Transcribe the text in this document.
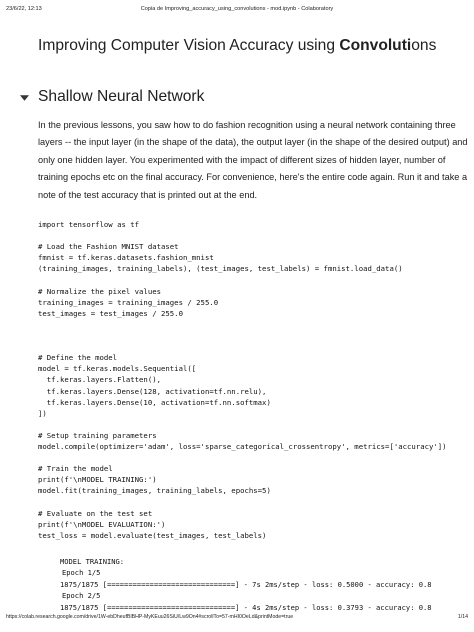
23/6/22, 12:13	Copia de Improving_accuracy_using_convolutions - mod.ipynb - Colaboratory
Improving Computer Vision Accuracy using Convolutions
Shallow Neural Network

In the previous lessons, you saw how to do fashion recognition using a neural network containing three layers -- the input layer (in the shape of the data), the output layer (in the shape of the desired output) and only one hidden layer. You experimented with the impact of different sizes of hidden layer, number of training epochs etc on the final accuracy. For convenience, here's the entire code again. Run it and take a note of the test accuracy that is printed out at the end.

import tensorflow as tf
# Load the Fashion MNIST dataset
fmnist = tf.keras.datasets.fashion_mnist
(training_images, training_labels), (test_images, test_labels) = fmnist.load_data()
# Normalize the pixel values
training_images = training_images / 255.0
test_images = test_images / 255.0
# Define the model
model = tf.keras.models.Sequential([
tf.keras.layers.Flatten(),
tf.keras.layers.Dense(128, activation=tf.nn.relu),
tf.keras.layers.Dense(10, activation=tf.nn.softmax)
])
# Setup training parameters
model.compile(optimizer='adam', loss='sparse_categorical_crossentropy', metrics=['accuracy'])
# Train the model
print(f'\nMODEL TRAINING:')
model.fit(training_images, training_labels, epochs=5)
# Evaluate on the test set
print(f'\nMODEL EVALUATION:')
test_loss = model.evaluate(test_images, test_labels)
MODEL TRAINING:
Epoch 1/5
1875/1875 [==============================] - 7s 2ms/step - loss: 0.5000 - accuracy: 0.8
Epoch 2/5
1875/1875 [==============================] - 4s 2ms/step - loss: 0.3793 - accuracy: 0.8
https://colab.research.google.com/drive/1W-ebDheufBlBHP-MyKEuu26SiU/Lw9On4#scrollTo=57-mHI0OeLd&printMode=true	1/14
